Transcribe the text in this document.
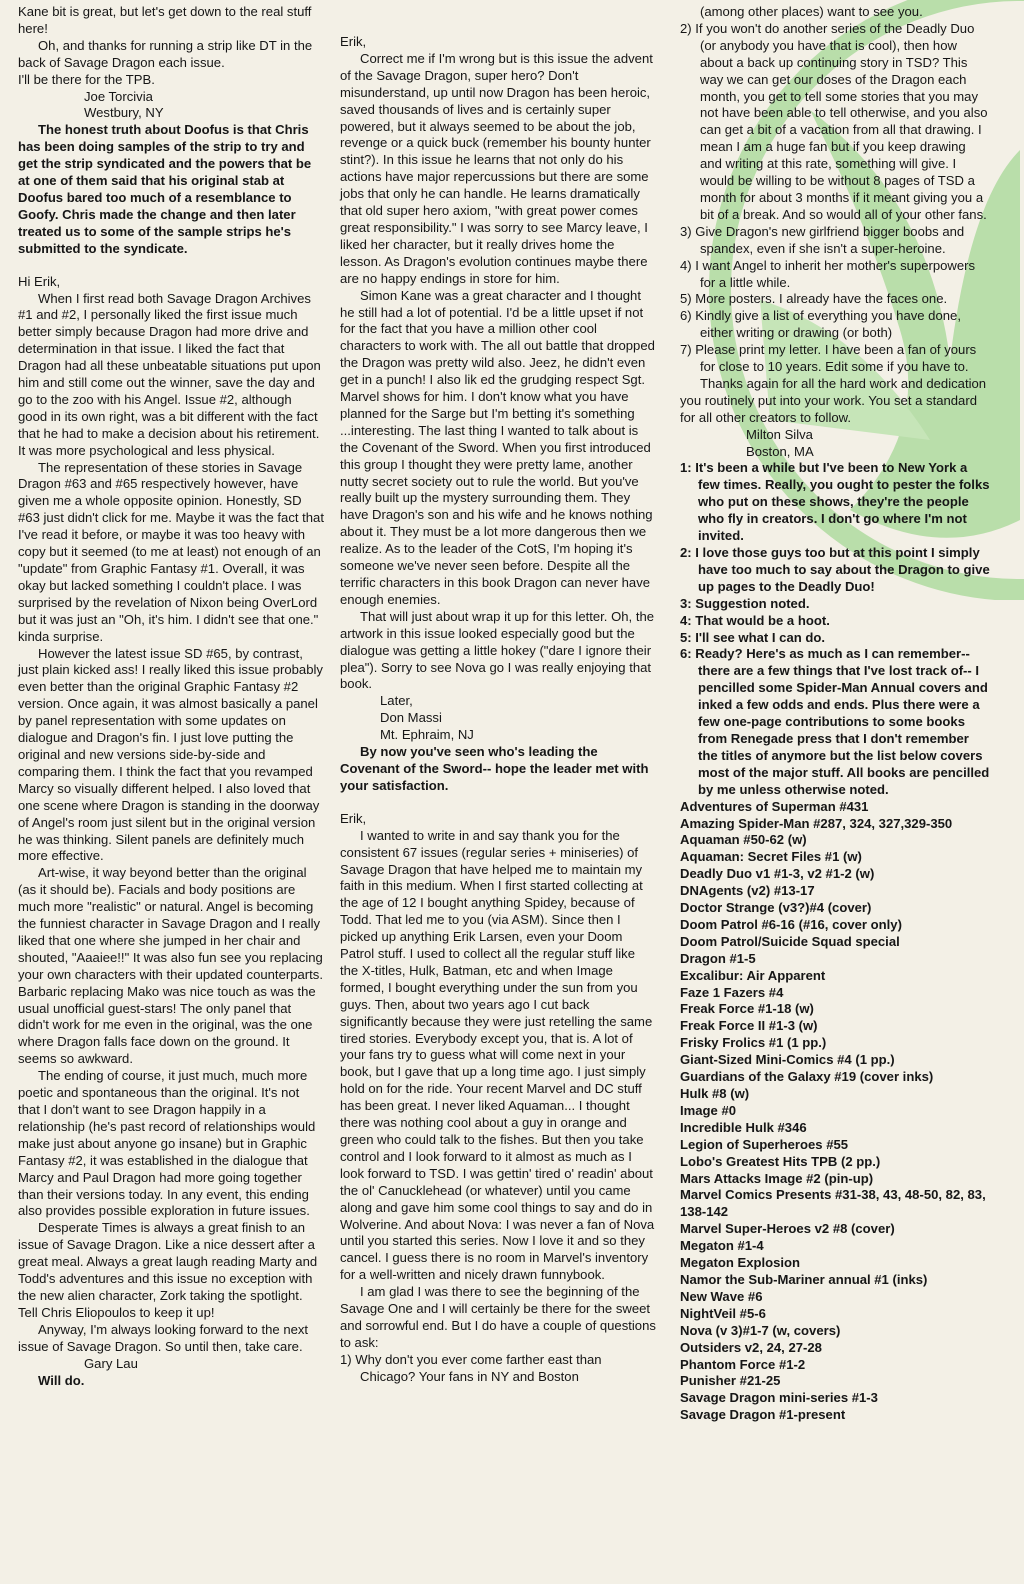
Kane bit is great, but let's get down to the real stuff here!

Oh, and thanks for running a strip like DT in the back of Savage Dragon each issue.

I'll be there for the TPB.

Joe Torcivia

Westbury, NY

The honest truth about Doofus is that Chris has been doing samples of the strip to try and get the strip syndicated and the powers that be at one of them said that his original stab at Doofus bared too much of a resemblance to Goofy. Chris made the change and then later treated us to some of the sample strips he's submitted to the syndicate.

Hi Erik,

When I first read both Savage Dragon Archives #1 and #2, I personally liked the first issue much better simply because Dragon had more drive and determination in that issue. I liked the fact that Dragon had all these unbeatable situations put upon him and still come out the winner, save the day and go to the zoo with his Angel. Issue #2, although good in its own right, was a bit different with the fact that he had to make a decision about his retirement. It was more psychological and less physical.

The representation of these stories in Savage Dragon #63 and #65 respectively however, have given me a whole opposite opinion. Honestly, SD #63 just didn't click for me. Maybe it was the fact that I've read it before, or maybe it was too heavy with copy but it seemed (to me at least) not enough of an "update" from Graphic Fantasy #1. Overall, it was okay but lacked something I couldn't place. I was surprised by the revelation of Nixon being OverLord but it was just an "Oh, it's him. I didn't see that one." kinda surprise.

However the latest issue SD #65, by contrast, just plain kicked ass! I really liked this issue probably even better than the original Graphic Fantasy #2 version. Once again, it was almost basically a panel by panel representation with some updates on dialogue and Dragon's fin. I just love putting the original and new versions side-by-side and comparing them. I think the fact that you revamped Marcy so visually different helped. I also loved that one scene where Dragon is standing in the doorway of Angel's room just silent but in the original version he was thinking. Silent panels are definitely much more effective.

Art-wise, it way beyond better than the original (as it should be). Facials and body positions are much more "realistic" or natural. Angel is becoming the funniest character in Savage Dragon and I really liked that one where she jumped in her chair and shouted, "Aaaiee!!" It was also fun see you replacing your own characters with their updated counterparts. Barbaric replacing Mako was nice touch as was the usual unofficial guest-stars! The only panel that didn't work for me even in the original, was the one where Dragon falls face down on the ground. It seems so awkward.

The ending of course, it just much, much more poetic and spontaneous than the original. It's not that I don't want to see Dragon happily in a relationship (he's past record of relationships would make just about anyone go insane) but in Graphic Fantasy #2, it was established in the dialogue that Marcy and Paul Dragon had more going together than their versions today. In any event, this ending also provides possible exploration in future issues.

Desperate Times is always a great finish to an issue of Savage Dragon. Like a nice dessert after a great meal. Always a great laugh reading Marty and Todd's adventures and this issue no exception with the new alien character, Zork taking the spotlight. Tell Chris Eliopoulos to keep it up!

Anyway, I'm always looking forward to the next issue of Savage Dragon. So until then, take care.

Gary Lau

Will do.

Erik,

Correct me if I'm wrong but is this issue the advent of the Savage Dragon, super hero? Don't misunderstand, up until now Dragon has been heroic, saved thousands of lives and is certainly super powered, but it always seemed to be about the job, revenge or a quick buck (remember his bounty hunter stint?). In this issue he learns that not only do his actions have major repercussions but there are some jobs that only he can handle. He learns dramatically that old super hero axiom, "with great power comes great responsibility." I was sorry to see Marcy leave, I liked her character, but it really drives home the lesson. As Dragon's evolution continues maybe there are no happy endings in store for him.

Simon Kane was a great character and I thought he still had a lot of potential. I'd be a little upset if not for the fact that you have a million other cool characters to work with. The all out battle that dropped the Dragon was pretty wild also. Jeez, he didn't even get in a punch! I also lik ed the grudging respect Sgt. Marvel shows for him. I don't know what you have planned for the Sarge but I'm betting it's something ...interesting. The last thing I wanted to talk about is the Covenant of the Sword. When you first introduced this group I thought they were pretty lame, another nutty secret society out to rule the world. But you've really built up the mystery surrounding them. They have Dragon's son and his wife and he knows nothing about it. They must be a lot more dangerous then we realize. As to the leader of the CotS, I'm hoping it's someone we've never seen before. Despite all the terrific characters in this book Dragon can never have enough enemies.

That will just about wrap it up for this letter. Oh, the artwork in this issue looked especially good but the dialogue was getting a little hokey ("dare I ignore their plea"). Sorry to see Nova go I was really enjoying that book.

Later,

Don Massi

Mt. Ephraim, NJ

By now you've seen who's leading the Covenant of the Sword-- hope the leader met with your satisfaction.

Erik,

I wanted to write in and say thank you for the consistent 67 issues (regular series + miniseries) of Savage Dragon that have helped me to maintain my faith in this medium. When I first started collecting at the age of 12 I bought anything Spidey, because of Todd. That led me to you (via ASM). Since then I picked up anything Erik Larsen, even your Doom Patrol stuff. I used to collect all the regular stuff like the X-titles, Hulk, Batman, etc and when Image formed, I bought everything under the sun from you guys. Then, about two years ago I cut back significantly because they were just retelling the same tired stories. Everybody except you, that is. A lot of your fans try to guess what will come next in your book, but I gave that up a long time ago. I just simply hold on for the ride. Your recent Marvel and DC stuff has been great. I never liked Aquaman... I thought there was nothing cool about a guy in orange and green who could talk to the fishes. But then you take control and I look forward to it almost as much as I look forward to TSD. I was gettin' tired o' readin' about the ol' Canucklehead (or whatever) until you came along and gave him some cool things to say and do in Wolverine. And about Nova: I was never a fan of Nova until you started this series. Now I love it and so they cancel. I guess there is no room in Marvel's inventory for a well-written and nicely drawn funnybook.

I am glad I was there to see the beginning of the Savage One and I will certainly be there for the sweet and sorrowful end. But I do have a couple of questions to ask:

1) Why don't you ever come farther east than Chicago? Your fans in NY and Boston

(among other places) want to see you.

2) If you won't do another series of the Deadly Duo (or anybody you have that is cool), then how about a back up continuing story in TSD? This way we can get our doses of the Dragon each month, you get to tell some stories that you may not have been able to tell otherwise, and you also can get a bit of a vacation from all that drawing. I mean I am a huge fan but if you keep drawing and writing at this rate, something will give. I would be willing to be without 8 pages of TSD a month for about 3 months if it meant giving you a bit of a break. And so would all of your other fans.
3) Give Dragon's new girlfriend bigger boobs and spandex, even if she isn't a super-heroine.
4) I want Angel to inherit her mother's superpowers for a little while.
5) More posters. I already have the faces one.
6) Kindly give a list of everything you have done, either writing or drawing (or both)
7) Please print my letter. I have been a fan of yours for close to 10 years. Edit some if you have to.

Thanks again for all the hard work and dedication you routinely put into your work. You set a standard for all other creators to follow.

Milton Silva

Boston, MA

1: It's been a while but I've been to New York a few times. Really, you ought to pester the folks who put on these shows, they're the people who fly in creators. I don't go where I'm not invited.
2: I love those guys too but at this point I simply have too much to say about the Dragon to give up pages to the Deadly Duo!
3: Suggestion noted.
4: That would be a hoot.
5: I'll see what I can do.
6: Ready? Here's as much as I can remember-- there are a few things that I've lost track of-- I pencilled some Spider-Man Annual covers and inked a few odds and ends. Plus there were a few one-page contributions to some books from Renegade press that I don't remember the titles of anymore but the list below covers most of the major stuff. All books are pencilled by me unless otherwise noted.
Adventures of Superman #431
Amazing Spider-Man #287, 324, 327,329-350
Aquaman #50-62 (w)
Aquaman: Secret Files #1 (w)
Deadly Duo v1 #1-3, v2 #1-2 (w)
DNAgents (v2) #13-17
Doctor Strange (v3?)#4 (cover)
Doom Patrol #6-16 (#16, cover only)
Doom Patrol/Suicide Squad special
Dragon #1-5
Excalibur: Air Apparent
Faze 1 Fazers #4
Freak Force #1-18 (w)
Freak Force II #1-3 (w)
Frisky Frolics #1 (1 pp.)
Giant-Sized Mini-Comics #4 (1 pp.)
Guardians of the Galaxy #19 (cover inks)
Hulk #8 (w)
Image #0
Incredible Hulk #346
Legion of Superheroes #55
Lobo's Greatest Hits TPB (2 pp.)
Mars Attacks Image #2 (pin-up)
Marvel Comics Presents #31-38, 43, 48-50, 82, 83, 138-142
Marvel Super-Heroes v2 #8 (cover)
Megaton #1-4
Megaton Explosion
Namor the Sub-Mariner annual #1 (inks)
New Wave #6
NightVeil #5-6
Nova (v 3)#1-7 (w, covers)
Outsiders v2, 24, 27-28
Phantom Force #1-2
Punisher #21-25
Savage Dragon mini-series #1-3
Savage Dragon #1-present
